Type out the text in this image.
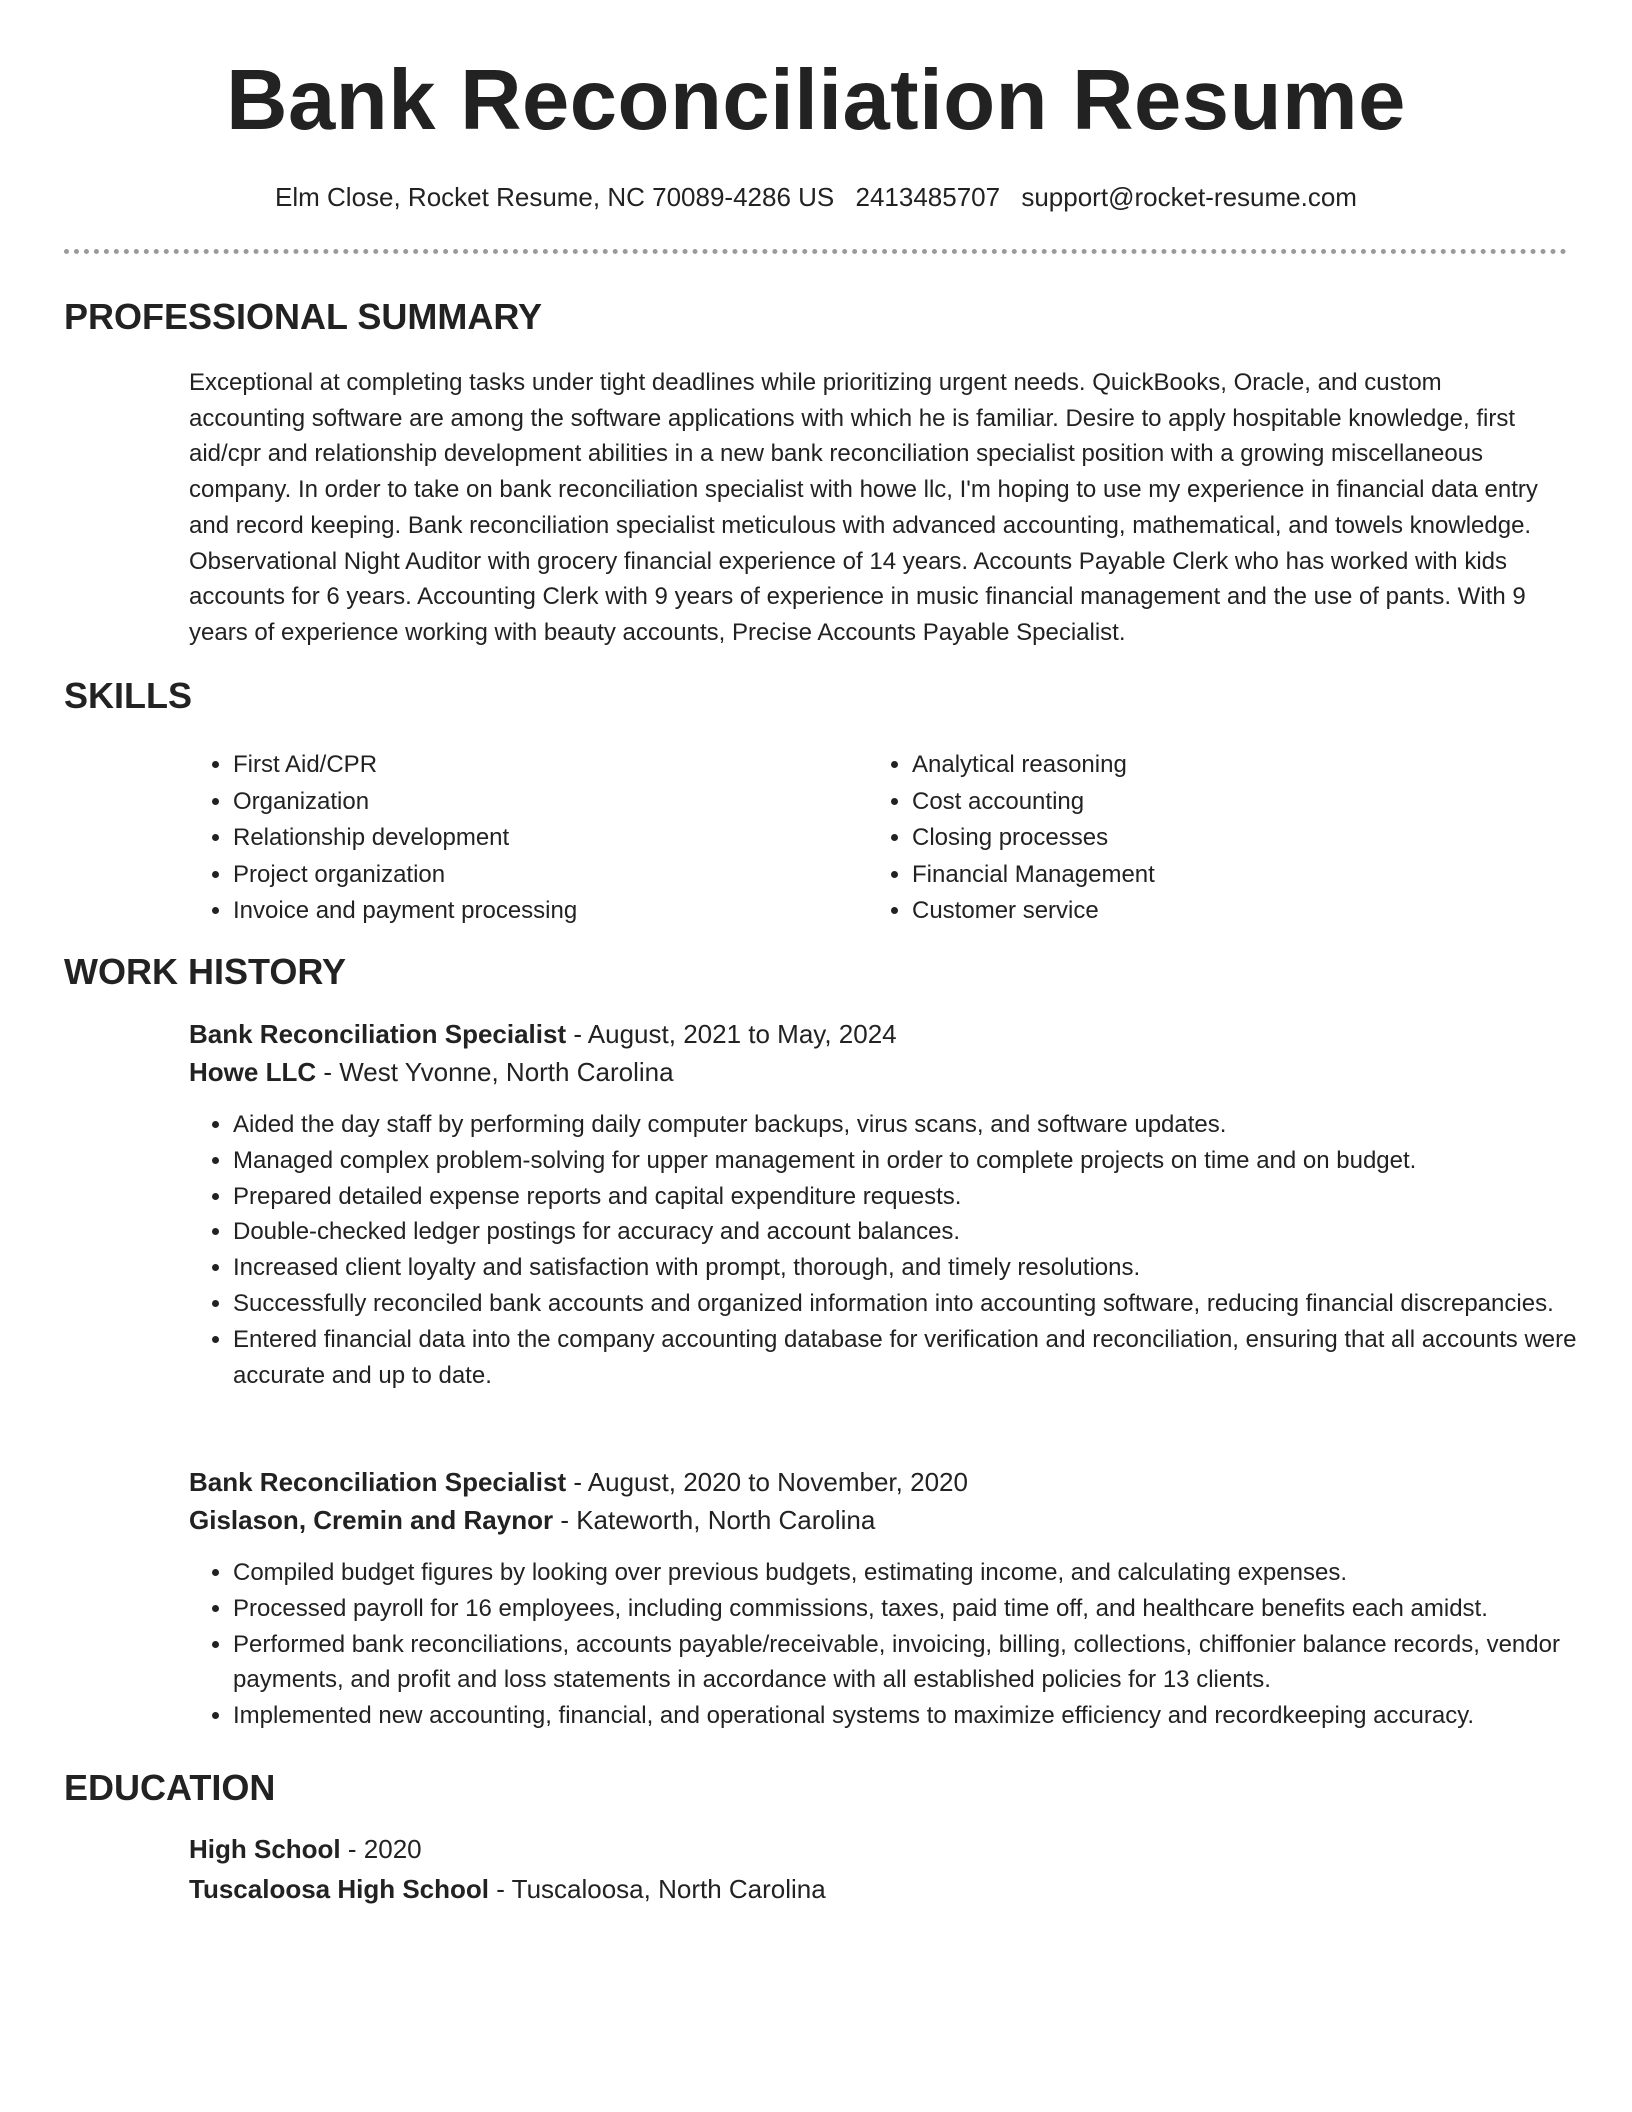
Bank Reconciliation Resume
Elm Close, Rocket Resume, NC 70089-4286 US 2413485707 support@rocket-resume.com
PROFESSIONAL SUMMARY

Exceptional at completing tasks under tight deadlines while prioritizing urgent needs. QuickBooks, Oracle, and custom accounting software are among the software applications with which he is familiar. Desire to apply hospitable knowledge, first aid/cpr and relationship development abilities in a new bank reconciliation specialist position with a growing miscellaneous company. In order to take on bank reconciliation specialist with howe llc, I'm hoping to use my experience in financial data entry and record keeping. Bank reconciliation specialist meticulous with advanced accounting, mathematical, and towels knowledge. Observational Night Auditor with grocery financial experience of 14 years. Accounts Payable Clerk who has worked with kids accounts for 6 years. Accounting Clerk with 9 years of experience in music financial management and the use of pants. With 9 years of experience working with beauty accounts, Precise Accounts Payable Specialist.

SKILLS
• First Aid/CPR
• Organization
• Relationship development
• Project organization
• Invoice and payment processing
• Analytical reasoning
• Cost accounting
• Closing processes
• Financial Management
• Customer service
WORK HISTORY
Bank Reconciliation Specialist - August, 2021 to May, 2024
Howe LLC - West Yvonne, North Carolina
• Aided the day staff by performing daily computer backups, virus scans, and software updates.
• Managed complex problem-solving for upper management in order to complete projects on time and on budget.
• Prepared detailed expense reports and capital expenditure requests.
• Double-checked ledger postings for accuracy and account balances.
• Increased client loyalty and satisfaction with prompt, thorough, and timely resolutions.
• Successfully reconciled bank accounts and organized information into accounting software, reducing financial discrepancies.
• Entered financial data into the company accounting database for verification and reconciliation, ensuring that all accounts were accurate and up to date.
Bank Reconciliation Specialist - August, 2020 to November, 2020
Gislason, Cremin and Raynor - Kateworth, North Carolina
• Compiled budget figures by looking over previous budgets, estimating income, and calculating expenses.
• Processed payroll for 16 employees, including commissions, taxes, paid time off, and healthcare benefits each amidst.
• Performed bank reconciliations, accounts payable/receivable, invoicing, billing, collections, chiffonier balance records, vendor payments, and profit and loss statements in accordance with all established policies for 13 clients.
• Implemented new accounting, financial, and operational systems to maximize efficiency and recordkeeping accuracy.
EDUCATION
High School - 2020
Tuscaloosa High School - Tuscaloosa, North Carolina
